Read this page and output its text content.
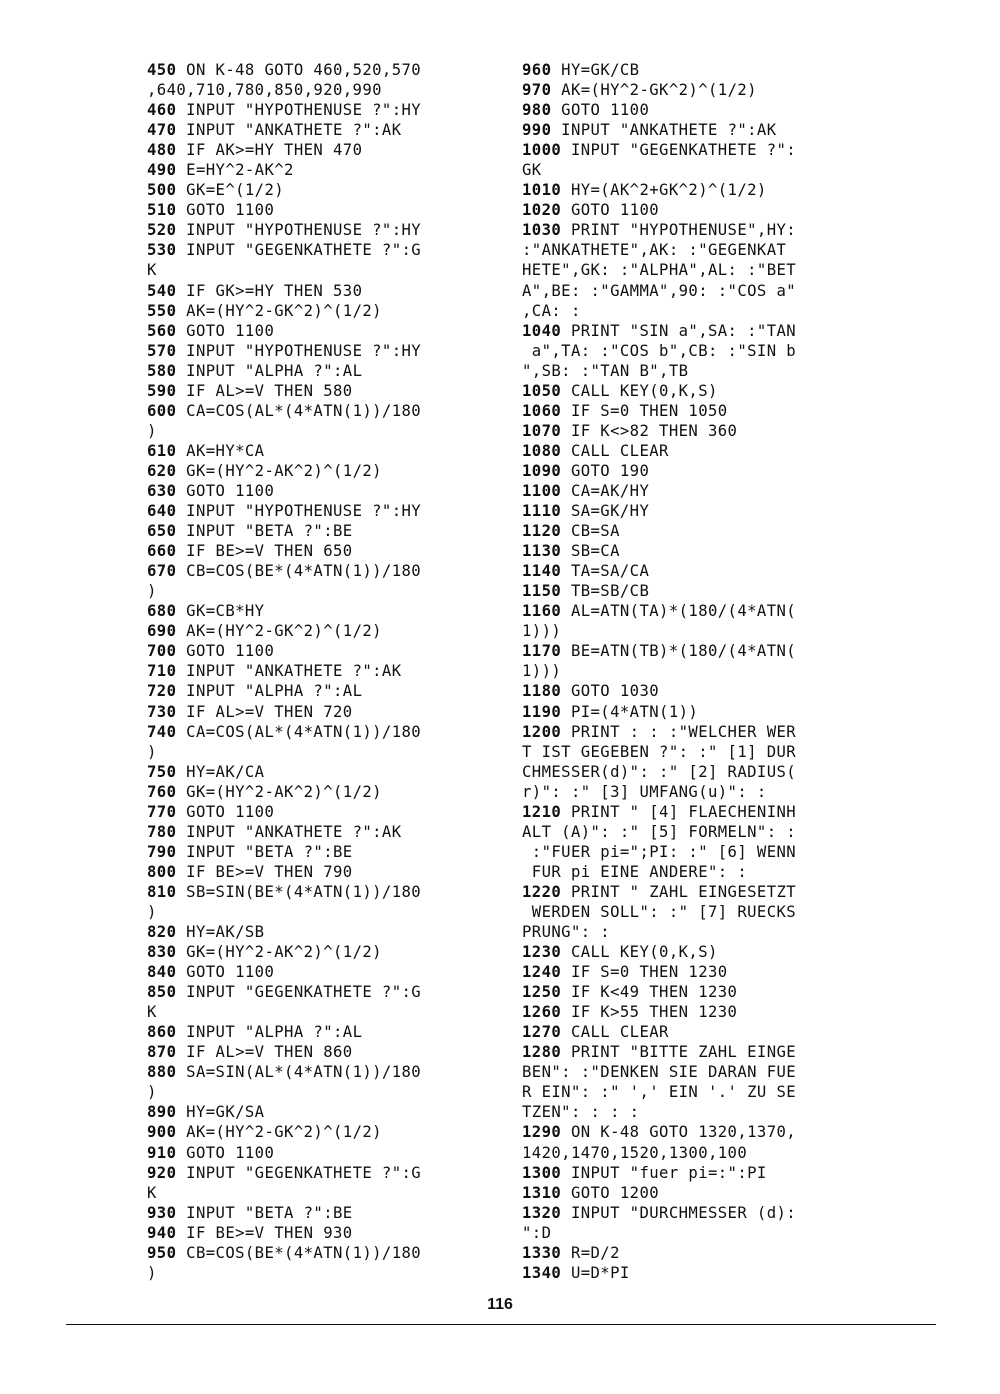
450 ON K-48 GOTO 460,520,570
,640,710,780,850,920,990
460 INPUT "HYPOTHENUSE ?":HY
470 INPUT "ANKATHETE ?":AK
480 IF AK>=HY THEN 470
490 E=HY^2-AK^2
500 GK=E^(1/2)
510 GOTO 1100
520 INPUT "HYPOTHENUSE ?":HY
530 INPUT "GEGENKATHETE ?":G
K
540 IF GK>=HY THEN 530
550 AK=(HY^2-GK^2)^(1/2)
560 GOTO 1100
570 INPUT "HYPOTHENUSE ?":HY
580 INPUT "ALPHA ?":AL
590 IF AL>=V THEN 580
600 CA=COS(AL*(4*ATN(1))/180
)
610 AK=HY*CA
620 GK=(HY^2-AK^2)^(1/2)
630 GOTO 1100
640 INPUT "HYPOTHENUSE ?":HY
650 INPUT "BETA ?":BE
660 IF BE>=V THEN 650
670 CB=COS(BE*(4*ATN(1))/180
)
680 GK=CB*HY
690 AK=(HY^2-GK^2)^(1/2)
700 GOTO 1100
710 INPUT "ANKATHETE ?":AK
720 INPUT "ALPHA ?":AL
730 IF AL>=V THEN 720
740 CA=COS(AL*(4*ATN(1))/180
)
750 HY=AK/CA
760 GK=(HY^2-AK^2)^(1/2)
770 GOTO 1100
780 INPUT "ANKATHETE ?":AK
790 INPUT "BETA ?":BE
800 IF BE>=V THEN 790
810 SB=SIN(BE*(4*ATN(1))/180
)
820 HY=AK/SB
830 GK=(HY^2-AK^2)^(1/2)
840 GOTO 1100
850 INPUT "GEGENKATHETE ?":G
K
860 INPUT "ALPHA ?":AL
870 IF AL>=V THEN 860
880 SA=SIN(AL*(4*ATN(1))/180
)
890 HY=GK/SA
900 AK=(HY^2-GK^2)^(1/2)
910 GOTO 1100
920 INPUT "GEGENKATHETE ?":G
K
930 INPUT "BETA ?":BE
940 IF BE>=V THEN 930
950 CB=COS(BE*(4*ATN(1))/180
)
960 HY=GK/CB
970 AK=(HY^2-GK^2)^(1/2)
980 GOTO 1100
990 INPUT "ANKATHETE ?":AK
1000 INPUT "GEGENKATHETE ?":
GK
1010 HY=(AK^2+GK^2)^(1/2)
1020 GOTO 1100
1030 PRINT "HYPOTHENUSE",HY:
:"ANKATHETE",AK: :"GEGENKAT
HETE",GK: :"ALPHA",AL: :"BET
A",BE: :"GAMMA",90: :"COS a"
,CA: :
1040 PRINT "SIN a",SA: :"TAN
a",TA: :"COS b",CB: :"SIN b
",SB: :"TAN B",TB
1050 CALL KEY(0,K,S)
1060 IF S=0 THEN 1050
1070 IF K<>82 THEN 360
1080 CALL CLEAR
1090 GOTO 190
1100 CA=AK/HY
1110 SA=GK/HY
1120 CB=SA
1130 SB=CA
1140 TA=SA/CA
1150 TB=SB/CB
1160 AL=ATN(TA)*(180/(4*ATN(
1)))
1170 BE=ATN(TB)*(180/(4*ATN(
1)))
1180 GOTO 1030
1190 PI=(4*ATN(1))
1200 PRINT : : :"WELCHER WER
T IST GEGEBEN ?": :" [1] DUR
CHMESSER(d)": :" [2] RADIUS(
r)": :" [3] UMFANG(u)": :
1210 PRINT " [4] FLAECHENINH
ALT (A)": :" [5] FORMELN": :
:"FUER pi=";PI: :" [6] WENN
FUR pi EINE ANDERE": :
1220 PRINT " ZAHL EINGESETZT
WERDEN SOLL": :" [7] RUECKS
PRUNG": :
1230 CALL KEY(0,K,S)
1240 IF S=0 THEN 1230
1250 IF K<49 THEN 1230
1260 IF K>55 THEN 1230
1270 CALL CLEAR
1280 PRINT "BITTE ZAHL EINGE
BEN": :"DENKEN SIE DARAN FUE
R EIN": :" ',' EIN '.' ZU SE
TZEN": : : :
1290 ON K-48 GOTO 1320,1370,
1420,1470,1520,1300,100
1300 INPUT "fuer pi=:":PI
1310 GOTO 1200
1320 INPUT "DURCHMESSER (d):
":D
1330 R=D/2
1340 U=D*PI
116
